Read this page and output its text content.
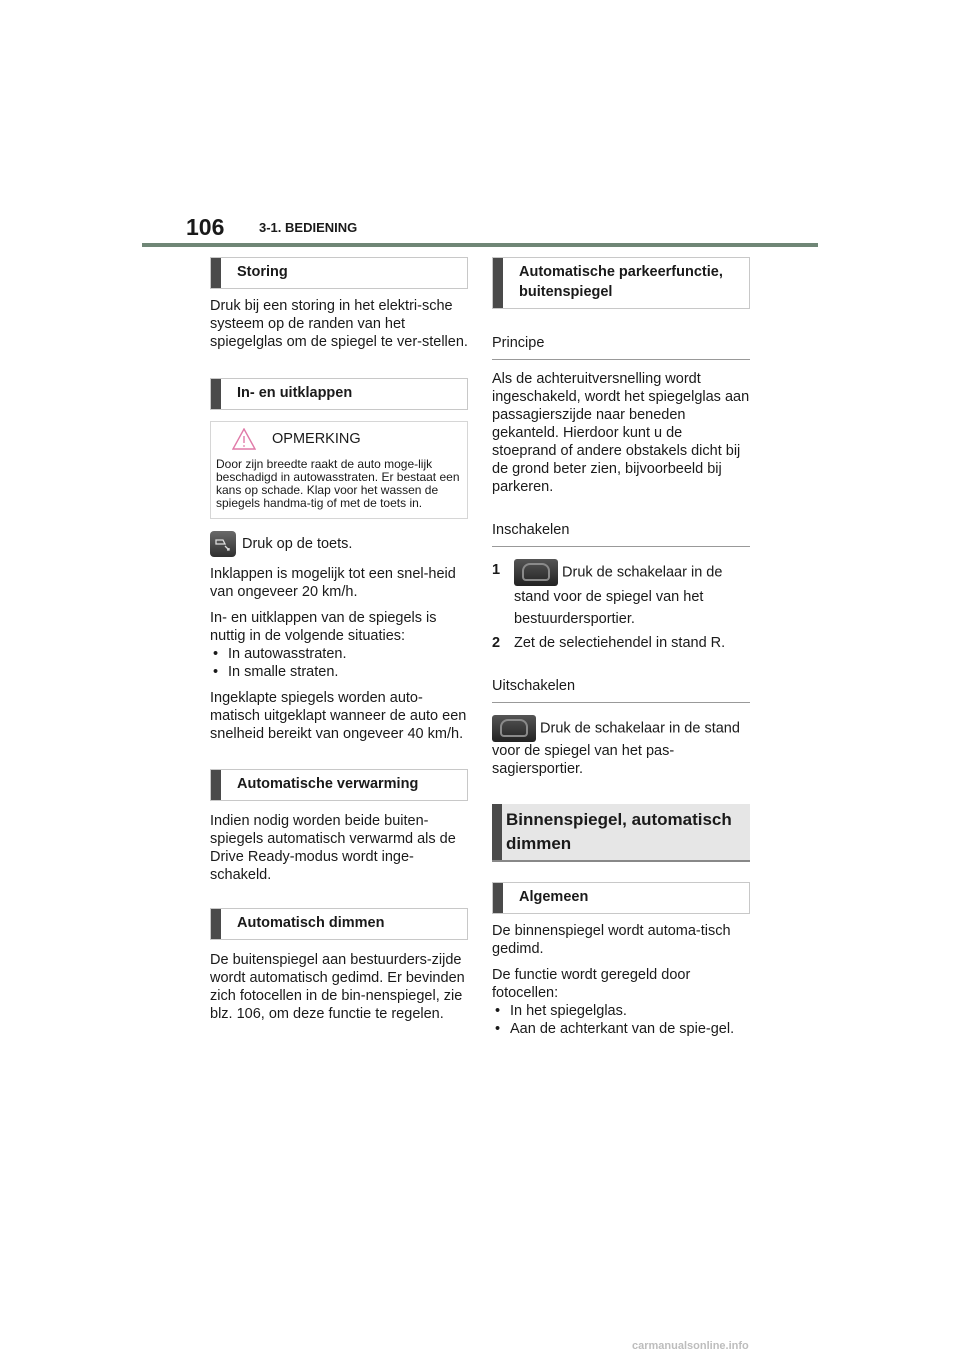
106	3-1. BEDIENING
Storing

Druk bij een storing in het elektri-sche systeem op de randen van het spiegelglas om de spiegel te ver-stellen.

In- en uitklappen
OPMERKING
Door zijn breedte raakt de auto moge-lijk beschadigd in autowasstraten. Er bestaat een kans op schade. Klap voor het wassen de spiegels handma-tig of met de toets in.
Druk op de toets.

Inklappen is mogelijk tot een snel-heid van ongeveer 20 km/h.

In- en uitklappen van de spiegels is nuttig in de volgende situaties:

• In autowasstraten.
• In smalle straten.

Ingeklapte spiegels worden auto-matisch uitgeklapt wanneer de auto een snelheid bereikt van ongeveer 40 km/h.

Automatische verwarming

Indien nodig worden beide buiten-spiegels automatisch verwarmd als de Drive Ready-modus wordt inge-schakeld.

Automatisch dimmen

De buitenspiegel aan bestuurders-zijde wordt automatisch gedimd. Er bevinden zich fotocellen in de bin-nenspiegel, zie blz. 106, om deze functie te regelen.

Automatische parkeerfunctie, buitenspiegel
Principe

Als de achteruitversnelling wordt ingeschakeld, wordt het spiegelglas aan passagierszijde naar beneden gekanteld. Hierdoor kunt u de stoeprand of andere obstakels dicht bij de grond beter zien, bijvoorbeeld bij parkeren.

Inschakelen
1	Druk de schakelaar in de stand voor de spiegel van het bestuurdersportier.
2 Zet de selectiehendel in stand R.
Uitschakelen

Druk de schakelaar in de stand voor de spiegel van het pas-sagiersportier.

Binnenspiegel, automatisch dimmen
Algemeen

De binnenspiegel wordt automa-tisch gedimd.

De functie wordt geregeld door fotocellen:

• In het spiegelglas.
• Aan de achterkant van de spie-gel.
carmanualsonline.info
